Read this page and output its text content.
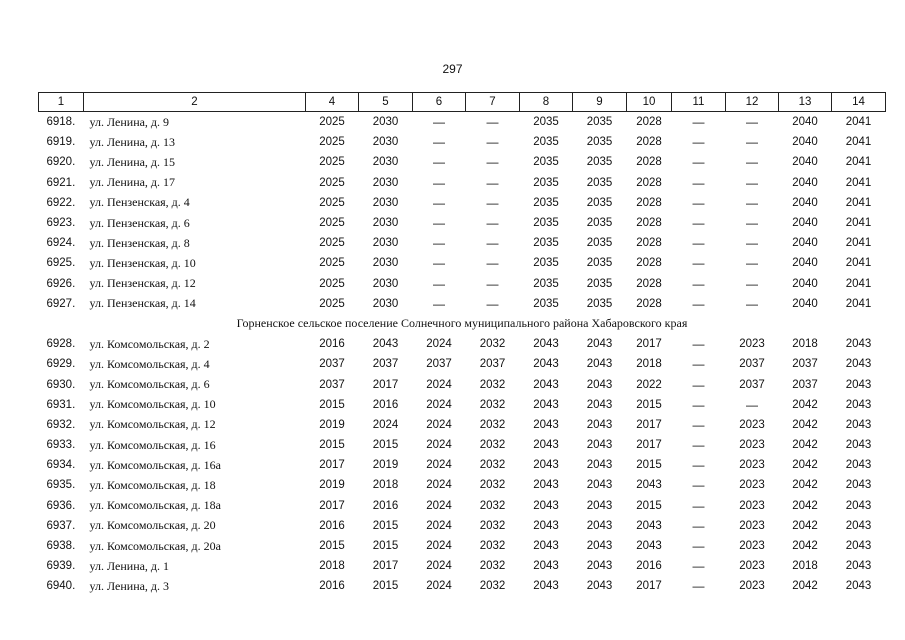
297
1	2	4	5	6	7	8	9	10	11	12	13	14
6918.	ул. Ленина, д. 9	2025	2030	—	—	2035	2035	2028	—	—	2040	2041
6919.	ул. Ленина, д. 13	2025	2030	—	—	2035	2035	2028	—	—	2040	2041
6920.	ул. Ленина, д. 15	2025	2030	—	—	2035	2035	2028	—	—	2040	2041
6921.	ул. Ленина, д. 17	2025	2030	—	—	2035	2035	2028	—	—	2040	2041
6922.	ул. Пензенская, д. 4	2025	2030	—	—	2035	2035	2028	—	—	2040	2041
6923.	ул. Пензенская, д. 6	2025	2030	—	—	2035	2035	2028	—	—	2040	2041
6924.	ул. Пензенская, д. 8	2025	2030	—	—	2035	2035	2028	—	—	2040	2041
6925.	ул. Пензенская, д. 10	2025	2030	—	—	2035	2035	2028	—	—	2040	2041
6926.	ул. Пензенская, д. 12	2025	2030	—	—	2035	2035	2028	—	—	2040	2041
6927.	ул. Пензенская, д. 14	2025	2030	—	—	2035	2035	2028	—	—	2040	2041
Горненское сельское поселение Солнечного муниципального района Хабаровского края												
6928.	ул. Комсомольская, д. 2	2016	2043	2024	2032	2043	2043	2017	—	2023	2018	2043
6929.	ул. Комсомольская, д. 4	2037	2037	2037	2037	2043	2043	2018	—	2037	2037	2043
6930.	ул. Комсомольская, д. 6	2037	2017	2024	2032	2043	2043	2022	—	2037	2037	2043
6931.	ул. Комсомольская, д. 10	2015	2016	2024	2032	2043	2043	2015	—	—	2042	2043
6932.	ул. Комсомольская, д. 12	2019	2024	2024	2032	2043	2043	2017	—	2023	2042	2043
6933.	ул. Комсомольская, д. 16	2015	2015	2024	2032	2043	2043	2017	—	2023	2042	2043
6934.	ул. Комсомольская, д. 16а	2017	2019	2024	2032	2043	2043	2015	—	2023	2042	2043
6935.	ул. Комсомольская, д. 18	2019	2018	2024	2032	2043	2043	2043	—	2023	2042	2043
6936.	ул. Комсомольская, д. 18а	2017	2016	2024	2032	2043	2043	2015	—	2023	2042	2043
6937.	ул. Комсомольская, д. 20	2016	2015	2024	2032	2043	2043	2043	—	2023	2042	2043
6938.	ул. Комсомольская, д. 20а	2015	2015	2024	2032	2043	2043	2043	—	2023	2042	2043
6939.	ул. Ленина, д. 1	2018	2017	2024	2032	2043	2043	2016	—	2023	2018	2043
6940.	ул. Ленина, д. 3	2016	2015	2024	2032	2043	2043	2017	—	2023	2042	2043
